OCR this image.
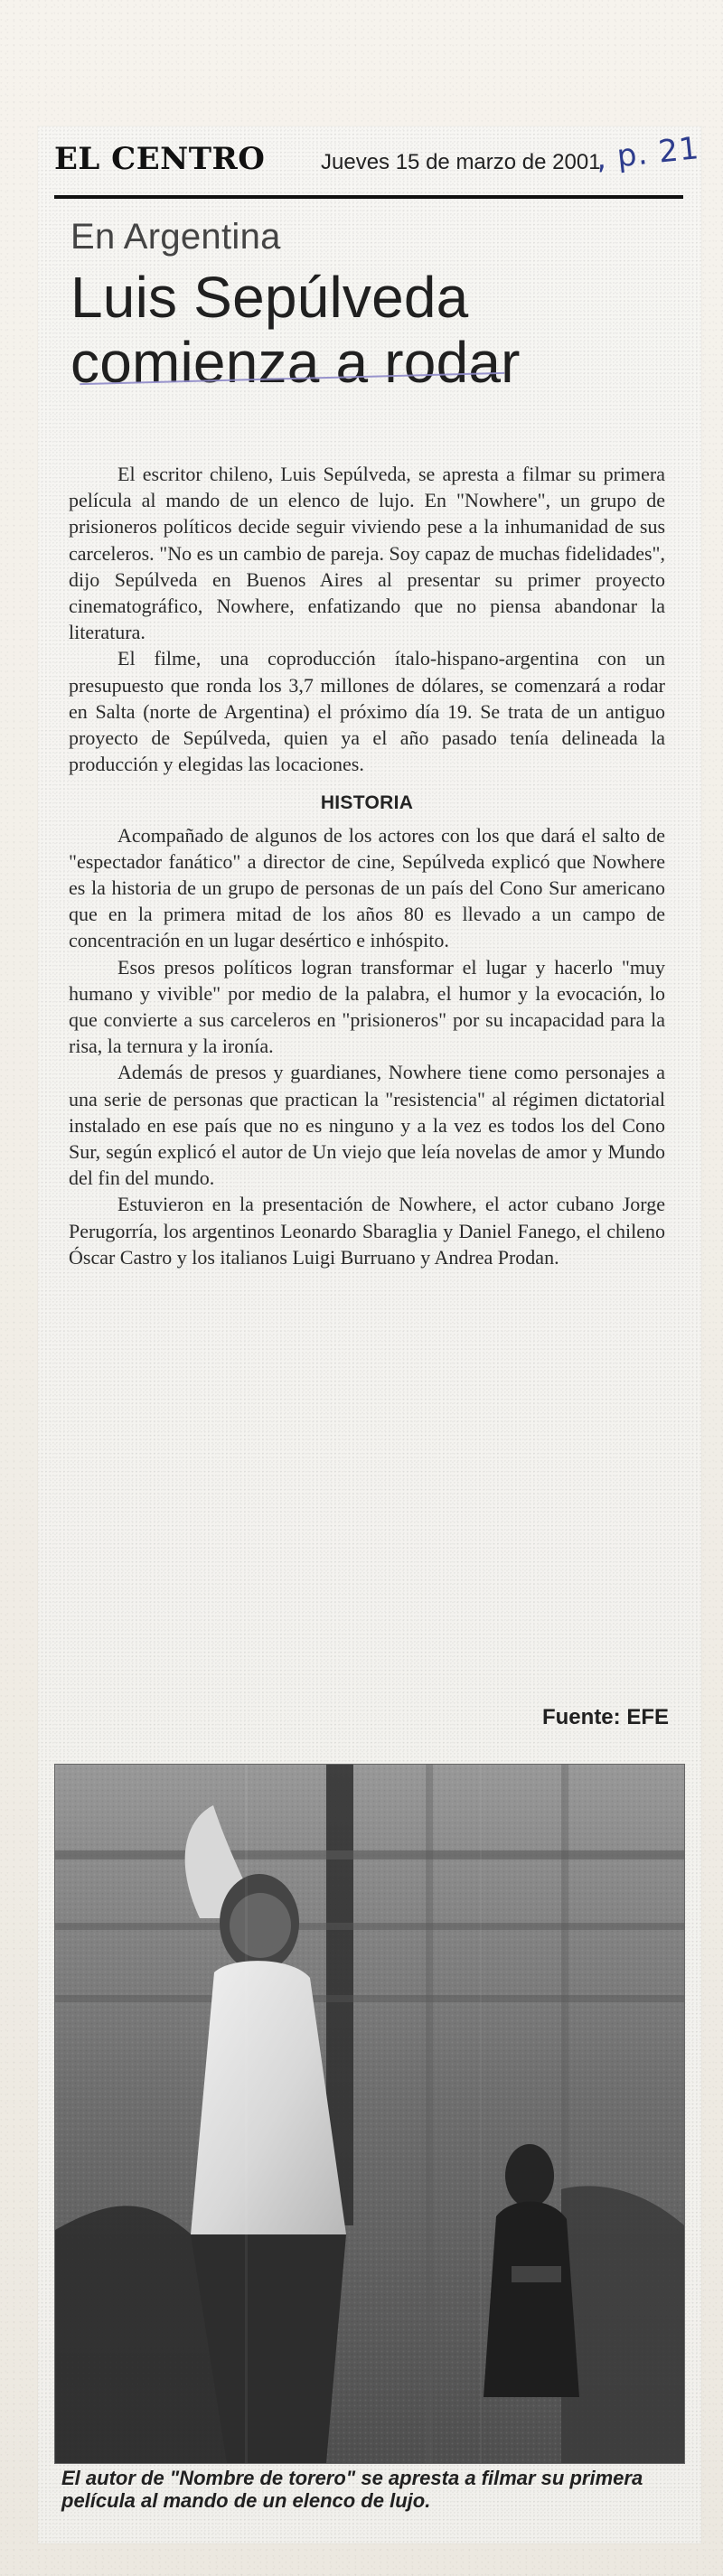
EL CENTRO	Jueves 15 de marzo de 2001
, p. 21
En Argentina
Luis Sepúlveda
comienza a rodar

El escritor chileno, Luis Sepúlveda, se apresta a filmar su primera película al mando de un elenco de lujo. En "Nowhere", un grupo de prisioneros políticos decide seguir viviendo pese a la inhumanidad de sus carceleros. "No es un cambio de pareja. Soy capaz de muchas fidelidades", dijo Sepúlveda en Buenos Aires al presentar su primer proyecto cinematográfico, Nowhere, enfatizando que no piensa abandonar la literatura.

El filme, una coproducción ítalo-hispano-argentina con un presupuesto que ronda los 3,7 millones de dólares, se comenzará a rodar en Salta (norte de Argentina) el próximo día 19. Se trata de un antiguo proyecto de Sepúlveda, quien ya el año pasado tenía delineada la producción y elegidas las locaciones.

HISTORIA

Acompañado de algunos de los actores con los que dará el salto de "espectador fanático" a director de cine, Sepúlveda explicó que Nowhere es la historia de un grupo de personas de un país del Cono Sur americano que en la primera mitad de los años 80 es llevado a un campo de concentración en un lugar desértico e inhóspito.

Esos presos políticos logran transformar el lugar y hacerlo "muy humano y vivible" por medio de la palabra, el humor y la evocación, lo que convierte a sus carceleros en "prisioneros" por su incapacidad para la risa, la ternura y la ironía.

Además de presos y guardianes, Nowhere tiene como personajes a una serie de personas que practican la "resistencia" al régimen dictatorial instalado en ese país que no es ninguno y a la vez es todos los del Cono Sur, según explicó el autor de Un viejo que leía novelas de amor y Mundo del fin del mundo.

Estuvieron en la presentación de Nowhere, el actor cubano Jorge Perugorría, los argentinos Leonardo Sbaraglia y Daniel Fanego, el chileno Óscar Castro y los italianos Luigi Burruano y Andrea Prodan.

Fuente: EFE
El autor de "Nombre de torero" se apresta a filmar su primera película al mando de un elenco de lujo.
